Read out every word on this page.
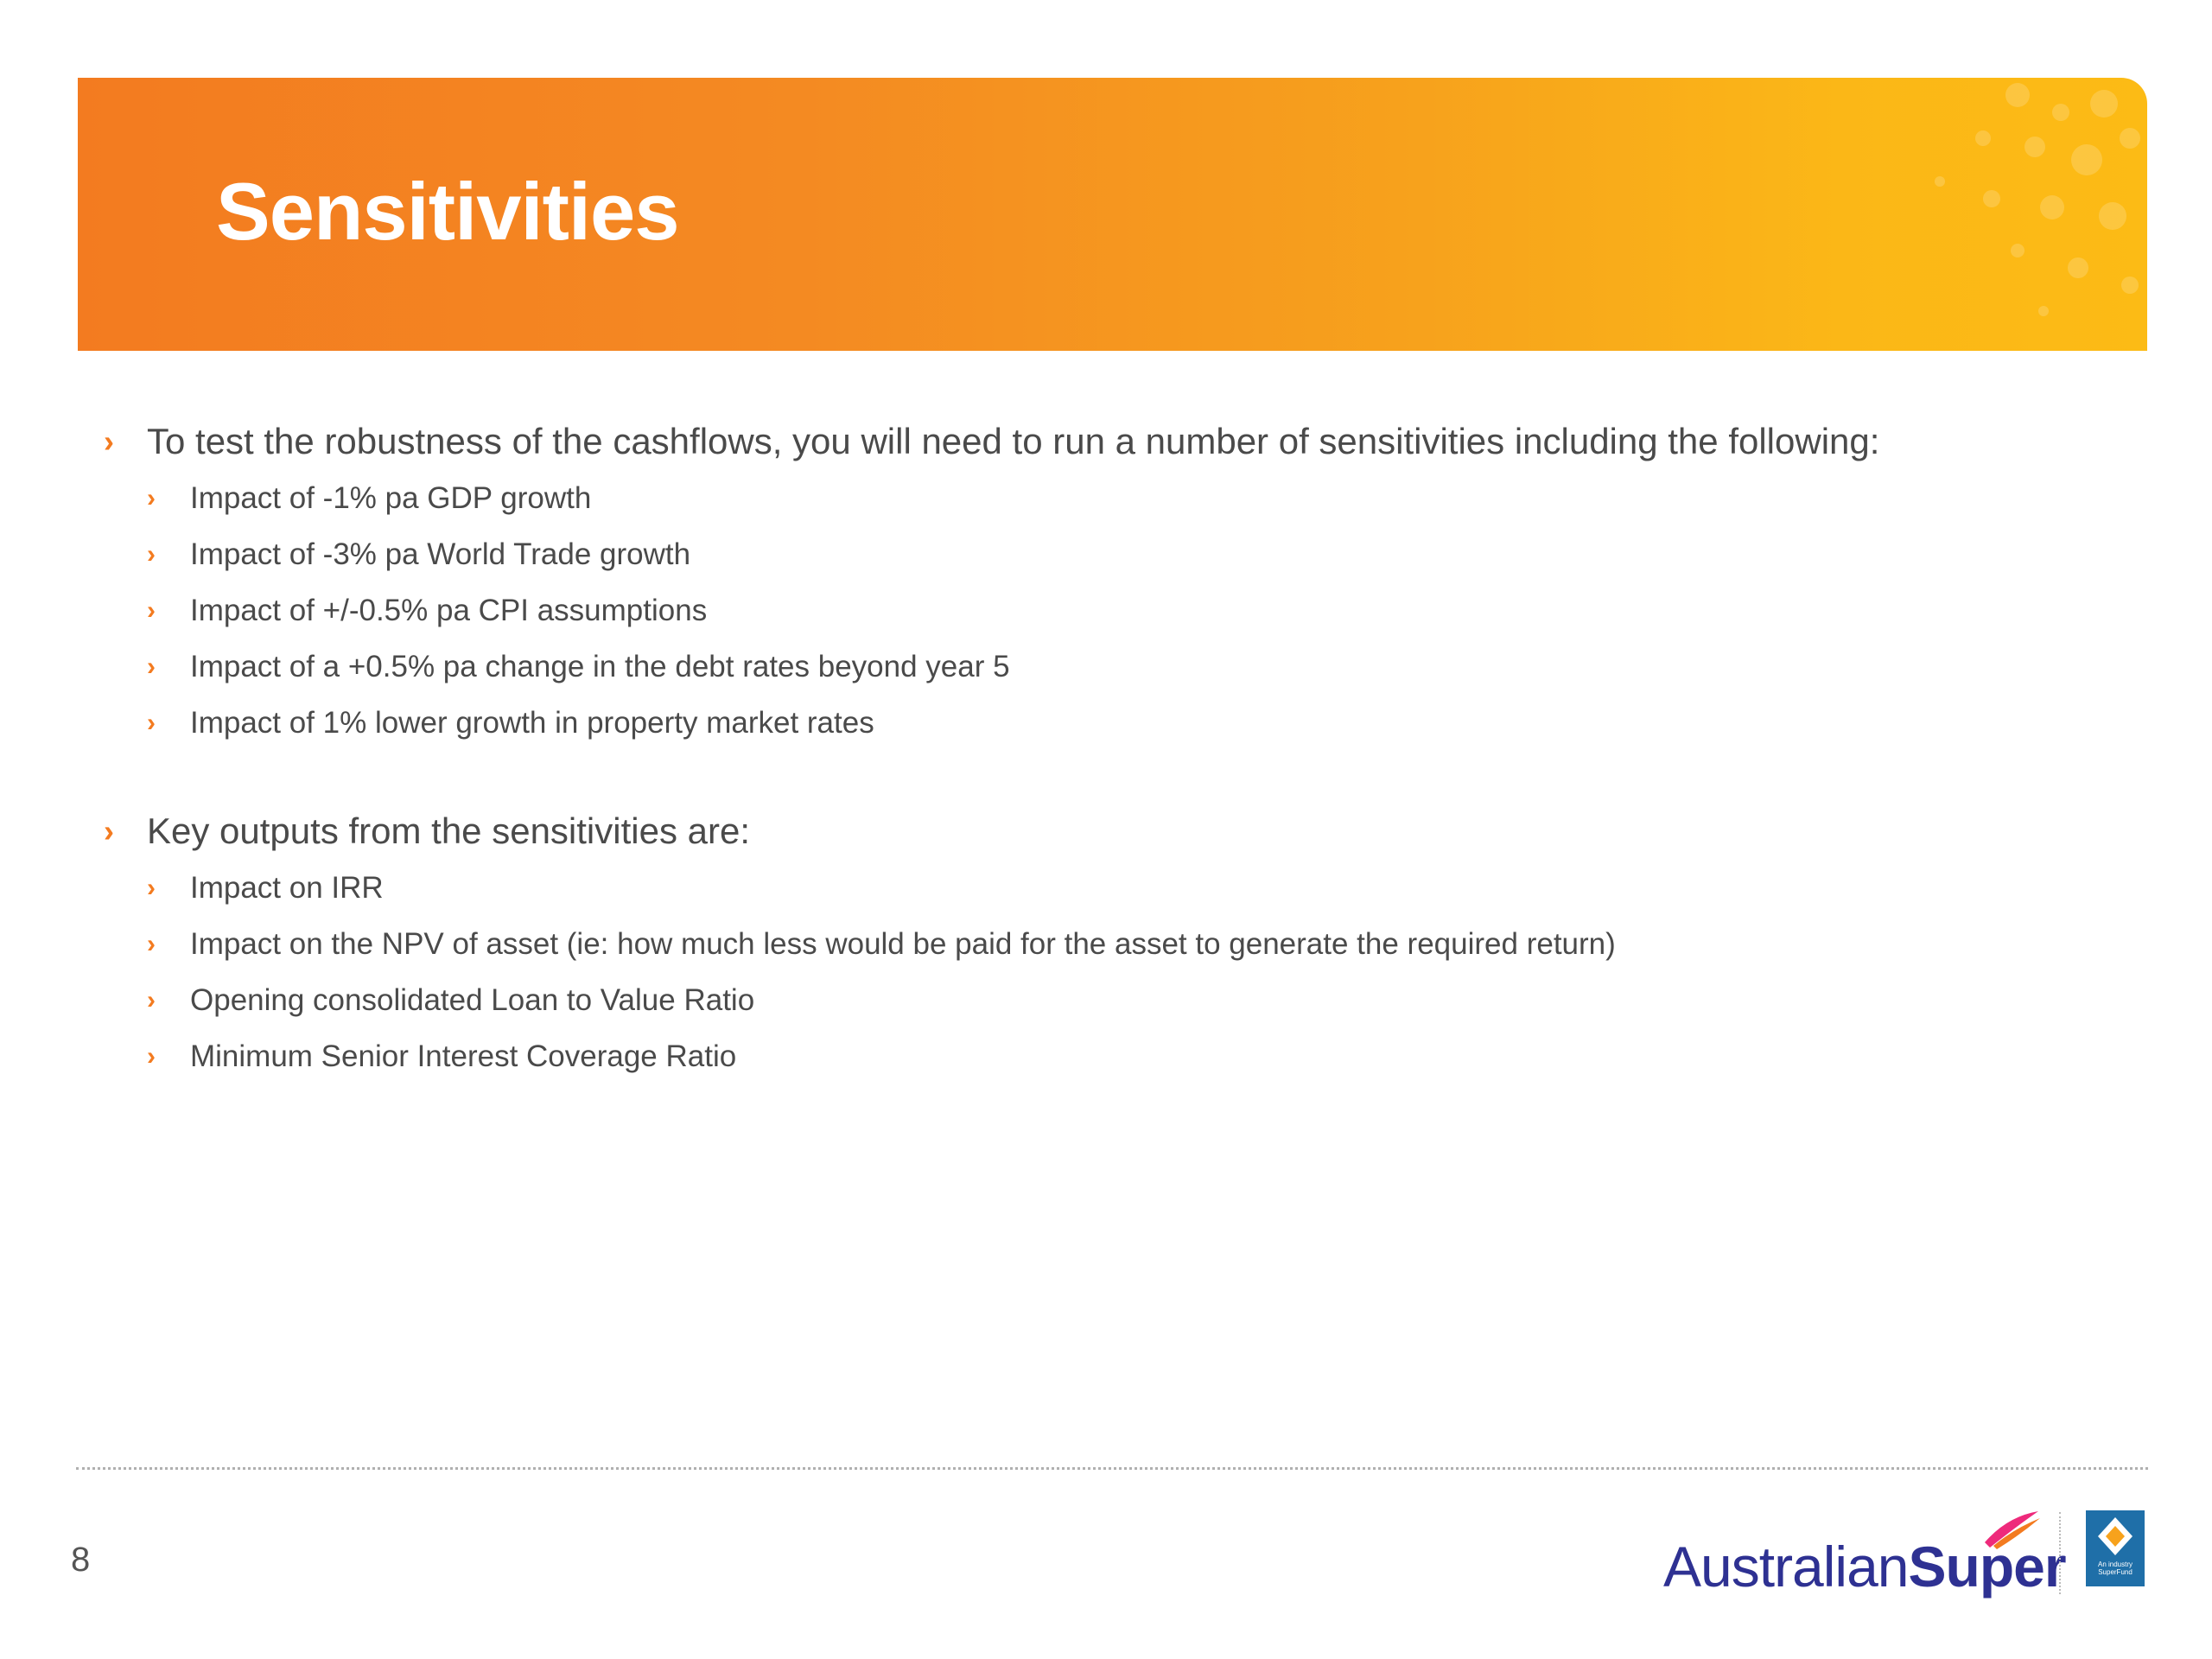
Sensitivities
› To test the robustness of the cashflows, you will need to run a number of sensitivities including the following:
›	Impact of -1% pa GDP growth
›	Impact of -3% pa World Trade growth
›	Impact of +/-0.5% pa CPI assumptions
›	Impact of a +0.5% pa change in the debt rates beyond year 5
›	Impact of 1% lower growth in property market rates
› Key outputs from the sensitivities are:
›	Impact on IRR
›	Impact on the NPV of asset (ie: how much less would be paid for the asset to generate the required return)
›	Opening consolidated Loan to Value Ratio
›	Minimum Senior Interest Coverage Ratio
8	AustralianSuper	An industry SuperFund
